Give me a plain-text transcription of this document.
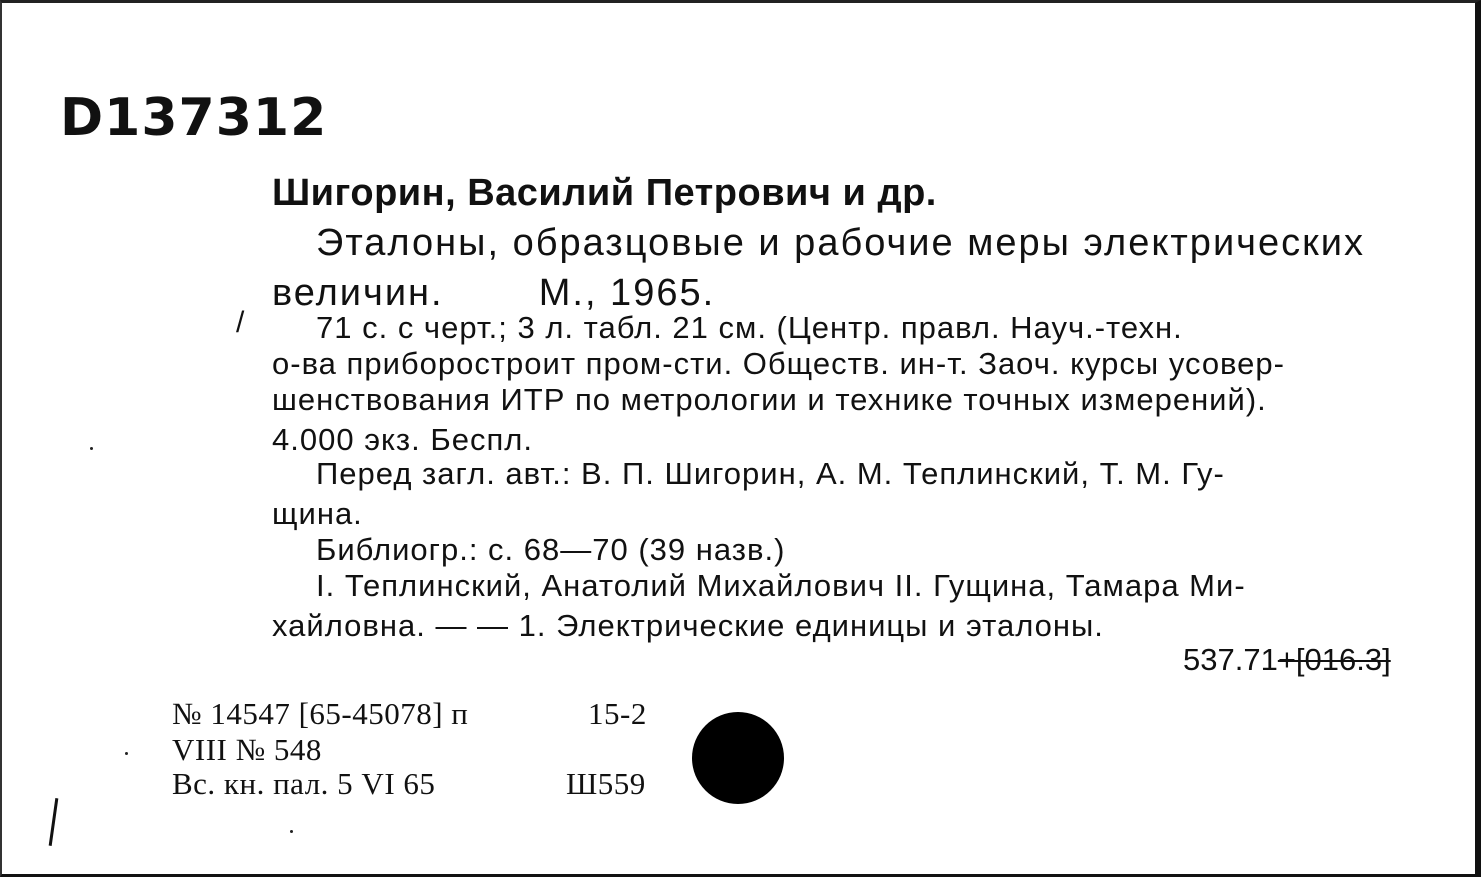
D137312
Шигорин, Василий Петрович и др.
Эталоны, образцовые и рабочие меры электрических
величин.	М., 1965.
/ 71 с. с черт.; 3 л. табл. 21 см. (Центр. правл. Науч.-техн.
о-ва приборостроит пром-сти. Обществ. ин-т. Заоч. курсы усовер-
шенствования ИТР по метрологии и технике точных измерений).
4.000 экз. Беспл.
Перед загл. авт.: В. П. Шигорин, А. М. Теплинский, Т. М. Гу-
щина.
Библиогр.: с. 68—70 (39 назв.)
I. Теплинский, Анатолий Михайлович II. Гущина, Тамара Ми-
хайловна. — — 1. Электрические единицы и эталоны.
537.71+[016.3]
№ 14547 [65-45078] п
VIII № 548
Вс. кн. пал. 5 VI 65
15-2
Ш559
